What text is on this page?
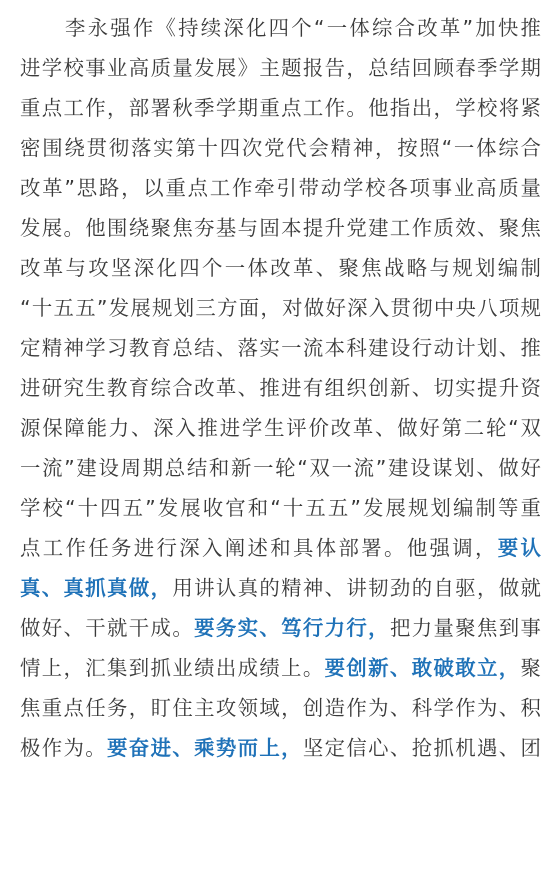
李永强作《持续深化四个“一体综合改革”加快推
进学校事业高质量发展》主题报告，总结回顾春季学期
重点工作，部署秋季学期重点工作。他指出，学校将紧
密围绕贯彻落实第十四次党代会精神，按照“一体综合
改革”思路，以重点工作牵引带动学校各项事业高质量
发展。他围绕聚焦夯基与固本提升党建工作质效、聚焦
改革与攻坚深化四个一体改革、聚焦战略与规划编制
“十五五”发展规划三方面，对做好深入贯彻中央八项规
定精神学习教育总结、落实一流本科建设行动计划、推
进研究生教育综合改革、推进有组织创新、切实提升资
源保障能力、深入推进学生评价改革、做好第二轮“双
一流”建设周期总结和新一轮“双一流”建设谋划、做好
学校“十四五”发展收官和“十五五”发展规划编制等重
点工作任务进行深入阐述和具体部署。他强调，要认
真、真抓真做，用讲认真的精神、讲韧劲的自驱，做就
做好、干就干成。要务实、笃行力行，把力量聚焦到事
情上，汇集到抓业绩出成绩上。要创新、敢破敢立，聚
焦重点任务，盯住主攻领域，创造作为、科学作为、积
极作为。要奋进、乘势而上，坚定信心、抢抓机遇、团
